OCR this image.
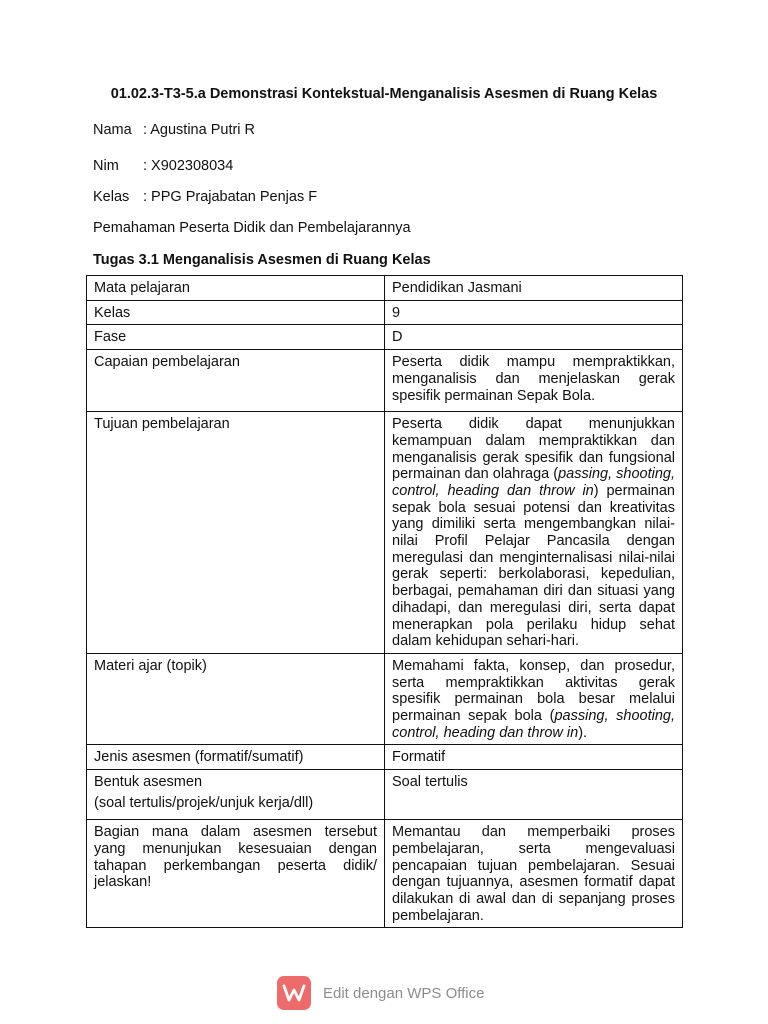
01.02.3-T3-5.a Demonstrasi Kontekstual-Menganalisis Asesmen di Ruang Kelas
Nama : Agustina Putri R
Nim : X902308034
Kelas : PPG Prajabatan Penjas F
Pemahaman Peserta Didik dan Pembelajarannya
Tugas 3.1 Menganalisis Asesmen di Ruang Kelas
Mata pelajaran	Pendidikan Jasmani
Kelas	9
Fase	D
Capaian pembelajaran	Peserta didik mampu mempraktikkan, menganalisis dan menjelaskan gerak spesifik permainan Sepak Bola.
Tujuan pembelajaran	Peserta didik dapat menunjukkan kemampuan dalam mempraktikkan dan menganalisis gerak spesifik dan fungsional permainan dan olahraga (passing, shooting, control, heading dan throw in) permainan sepak bola sesuai potensi dan kreativitas yang dimiliki serta mengembangkan nilai-nilai Profil Pelajar Pancasila dengan meregulasi dan menginternalisasi nilai-nilai gerak seperti: berkolaborasi, kepedulian, berbagai, pemahaman diri dan situasi yang dihadapi, dan meregulasi diri, serta dapat menerapkan pola perilaku hidup sehat dalam kehidupan sehari-hari.
Materi ajar (topik)	Memahami fakta, konsep, dan prosedur, serta mempraktikkan aktivitas gerak spesifik permainan bola besar melalui permainan sepak bola (passing, shooting, control, heading dan throw in).
Jenis asesmen (formatif/sumatif)	Formatif
Bentuk asesmen
(soal tertulis/projek/unjuk kerja/dll)	Soal tertulis
Bagian mana dalam asesmen tersebut yang menunjukan kesesuaian dengan tahapan perkembangan peserta didik/ jelaskan!	Memantau dan memperbaiki proses pembelajaran, serta mengevaluasi pencapaian tujuan pembelajaran. Sesuai dengan tujuannya, asesmen formatif dapat dilakukan di awal dan di sepanjang proses pembelajaran.
Edit dengan WPS Office
